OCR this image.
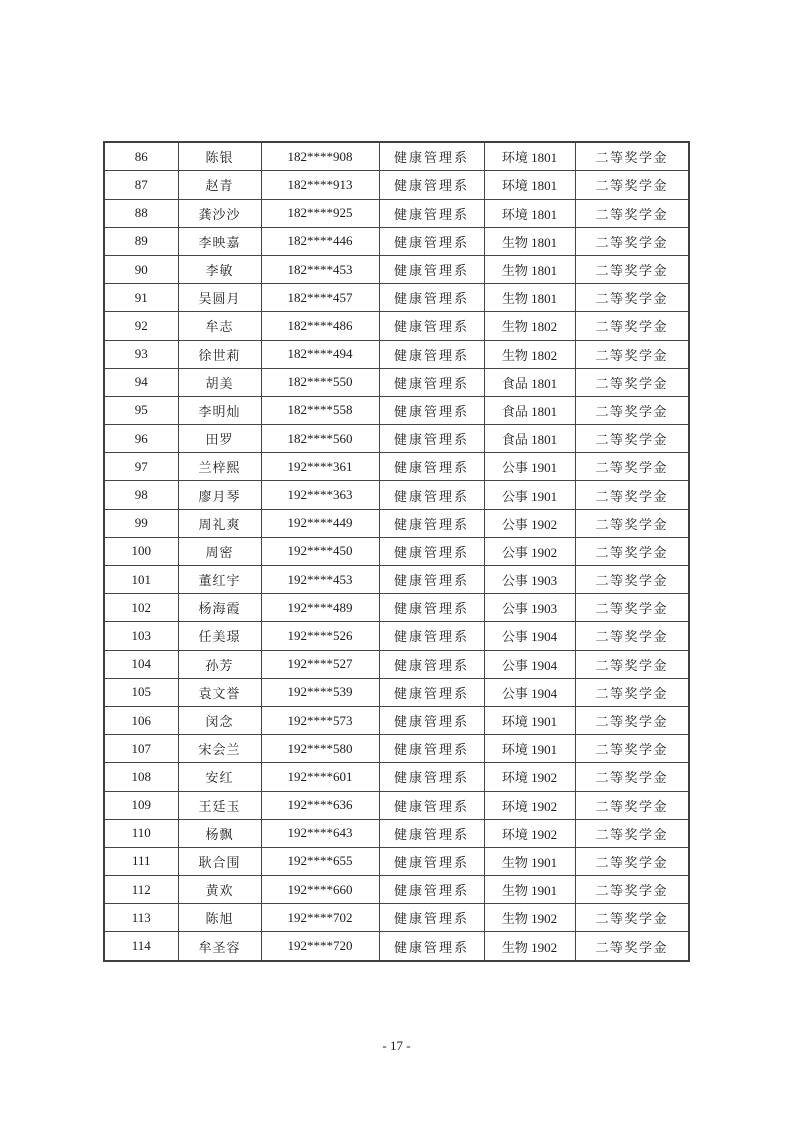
86	陈银	182****908	健康管理系	环境 1801	二等奖学金
87	赵青	182****913	健康管理系	环境 1801	二等奖学金
88	龚沙沙	182****925	健康管理系	环境 1801	二等奖学金
89	李映嘉	182****446	健康管理系	生物 1801	二等奖学金
90	李敏	182****453	健康管理系	生物 1801	二等奖学金
91	吴圆月	182****457	健康管理系	生物 1801	二等奖学金
92	牟志	182****486	健康管理系	生物 1802	二等奖学金
93	徐世莉	182****494	健康管理系	生物 1802	二等奖学金
94	胡美	182****550	健康管理系	食品 1801	二等奖学金
95	李明灿	182****558	健康管理系	食品 1801	二等奖学金
96	田罗	182****560	健康管理系	食品 1801	二等奖学金
97	兰梓熙	192****361	健康管理系	公事 1901	二等奖学金
98	廖月琴	192****363	健康管理系	公事 1901	二等奖学金
99	周礼爽	192****449	健康管理系	公事 1902	二等奖学金
100	周密	192****450	健康管理系	公事 1902	二等奖学金
101	董红宇	192****453	健康管理系	公事 1903	二等奖学金
102	杨海霞	192****489	健康管理系	公事 1903	二等奖学金
103	任美璟	192****526	健康管理系	公事 1904	二等奖学金
104	孙芳	192****527	健康管理系	公事 1904	二等奖学金
105	袁文誉	192****539	健康管理系	公事 1904	二等奖学金
106	闵念	192****573	健康管理系	环境 1901	二等奖学金
107	宋会兰	192****580	健康管理系	环境 1901	二等奖学金
108	安红	192****601	健康管理系	环境 1902	二等奖学金
109	王廷玉	192****636	健康管理系	环境 1902	二等奖学金
110	杨飘	192****643	健康管理系	环境 1902	二等奖学金
111	耿合围	192****655	健康管理系	生物 1901	二等奖学金
112	黄欢	192****660	健康管理系	生物 1901	二等奖学金
113	陈旭	192****702	健康管理系	生物 1902	二等奖学金
114	牟圣容	192****720	健康管理系	生物 1902	二等奖学金
- 17 -
